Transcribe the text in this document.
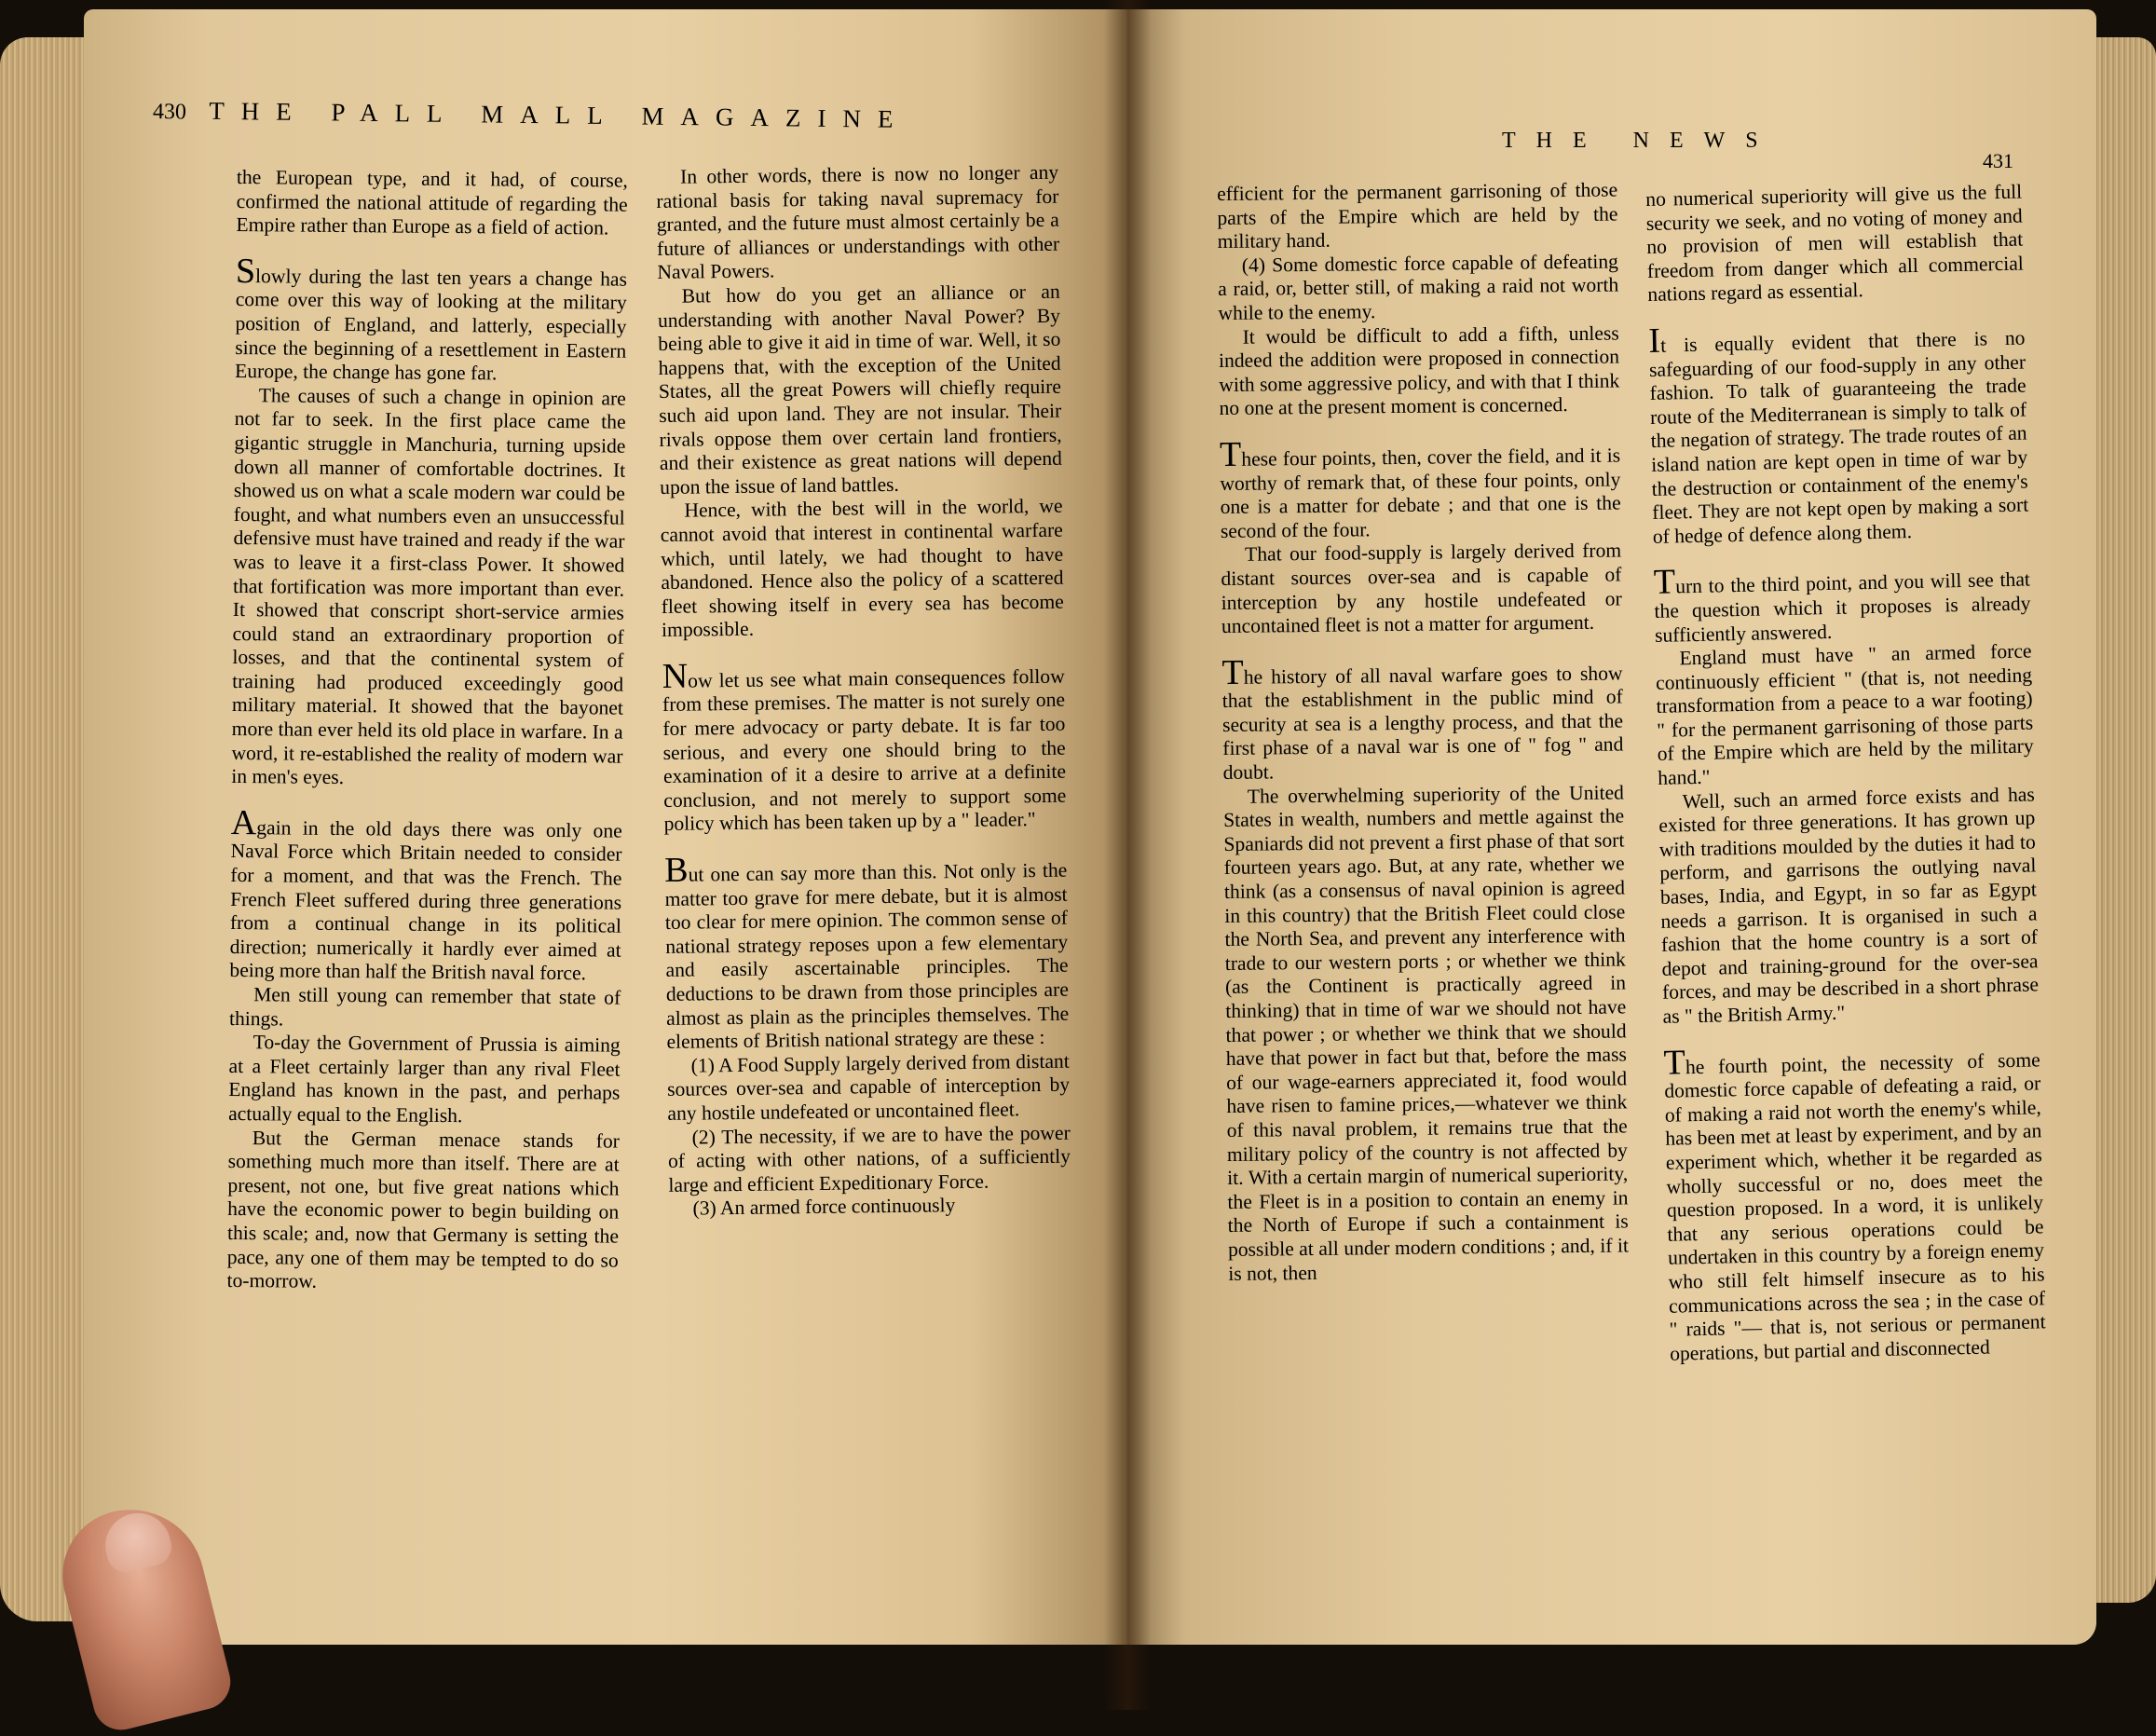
430 THE PALL MALL MAGAZINE
THE NEWS
431

the European type, and it had, of course, confirmed the national attitude of regarding the Empire rather than Europe as a field of action.

Slowly during the last ten years a change has come over this way of looking at the military position of England, and latterly, especially since the beginning of a resettlement in Eastern Europe, the change has gone far.

The causes of such a change in opinion are not far to seek. In the first place came the gigantic struggle in Manchuria, turning upside down all manner of comfortable doctrines. It showed us on what a scale modern war could be fought, and what numbers even an unsuccessful defensive must have trained and ready if the war was to leave it a first-class Power. It showed that fortification was more important than ever. It showed that conscript short-service armies could stand an extraordinary proportion of losses, and that the continental system of training had produced exceedingly good military material. It showed that the bayonet more than ever held its old place in warfare. In a word, it re-established the reality of modern war in men's eyes.

Again in the old days there was only one Naval Force which Britain needed to consider for a moment, and that was the French. The French Fleet suffered during three generations from a continual change in its political direction; numerically it hardly ever aimed at being more than half the British naval force.

Men still young can remember that state of things.

To-day the Government of Prussia is aiming at a Fleet certainly larger than any rival Fleet England has known in the past, and perhaps actually equal to the English.

But the German menace stands for something much more than itself. There are at present, not one, but five great nations which have the economic power to begin building on this scale; and, now that Germany is setting the pace, any one of them may be tempted to do so to-morrow.

In other words, there is now no longer any rational basis for taking naval supremacy for granted, and the future must almost certainly be a future of alliances or understandings with other Naval Powers.

But how do you get an alliance or an understanding with another Naval Power? By being able to give it aid in time of war. Well, it so happens that, with the exception of the United States, all the great Powers will chiefly require such aid upon land. They are not insular. Their rivals oppose them over certain land frontiers, and their existence as great nations will depend upon the issue of land battles.

Hence, with the best will in the world, we cannot avoid that interest in continental warfare which, until lately, we had thought to have abandoned. Hence also the policy of a scattered fleet showing itself in every sea has become impossible.

Now let us see what main consequences follow from these premises. The matter is not surely one for mere advocacy or party debate. It is far too serious, and every one should bring to the examination of it a desire to arrive at a definite conclusion, and not merely to support some policy which has been taken up by a " leader."

But one can say more than this. Not only is the matter too grave for mere debate, but it is almost too clear for mere opinion. The common sense of national strategy reposes upon a few elementary and easily ascertainable principles. The deductions to be drawn from those principles are almost as plain as the principles themselves. The elements of British national strategy are these :

(1) A Food Supply largely derived from distant sources over-sea and capable of interception by any hostile undefeated or uncontained fleet.

(2) The necessity, if we are to have the power of acting with other nations, of a sufficiently large and efficient Expeditionary Force.

(3) An armed force continuously

efficient for the permanent garrisoning of those parts of the Empire which are held by the military hand.

(4) Some domestic force capable of defeating a raid, or, better still, of making a raid not worth while to the enemy.

It would be difficult to add a fifth, unless indeed the addition were proposed in connection with some aggressive policy, and with that I think no one at the present moment is concerned.

These four points, then, cover the field, and it is worthy of remark that, of these four points, only one is a matter for debate ; and that one is the second of the four.

That our food-supply is largely derived from distant sources over-sea and is capable of interception by any hostile undefeated or uncontained fleet is not a matter for argument.

The history of all naval warfare goes to show that the establishment in the public mind of security at sea is a lengthy process, and that the first phase of a naval war is one of " fog " and doubt.

The overwhelming superiority of the United States in wealth, numbers and mettle against the Spaniards did not prevent a first phase of that sort fourteen years ago. But, at any rate, whether we think (as a consensus of naval opinion is agreed in this country) that the British Fleet could close the North Sea, and prevent any interference with trade to our western ports ; or whether we think (as the Continent is practically agreed in thinking) that in time of war we should not have that power ; or whether we think that we should have that power in fact but that, before the mass of our wage-earners appreciated it, food would have risen to famine prices,—whatever we think of this naval problem, it remains true that the military policy of the country is not affected by it. With a certain margin of numerical superiority, the Fleet is in a position to contain an enemy in the North of Europe if such a containment is possible at all under modern conditions ; and, if it is not, then

no numerical superiority will give us the full security we seek, and no voting of money and no provision of men will establish that freedom from danger which all commercial nations regard as essential.

It is equally evident that there is no safeguarding of our food-supply in any other fashion. To talk of guaranteeing the trade route of the Mediterranean is simply to talk of the negation of strategy. The trade routes of an island nation are kept open in time of war by the destruction or containment of the enemy's fleet. They are not kept open by making a sort of hedge of defence along them.

Turn to the third point, and you will see that the question which it proposes is already sufficiently answered.

England must have " an armed force continuously efficient " (that is, not needing transformation from a peace to a war footing) " for the permanent garrisoning of those parts of the Empire which are held by the military hand."

Well, such an armed force exists and has existed for three generations. It has grown up with traditions moulded by the duties it had to perform, and garrisons the outlying naval bases, India, and Egypt, in so far as Egypt needs a garrison. It is organised in such a fashion that the home country is a sort of depot and training-ground for the over-sea forces, and may be described in a short phrase as " the British Army."

The fourth point, the necessity of some domestic force capable of defeating a raid, or of making a raid not worth the enemy's while, has been met at least by experiment, and by an experiment which, whether it be regarded as wholly successful or no, does meet the question proposed. In a word, it is unlikely that any serious operations could be undertaken in this country by a foreign enemy who still felt himself insecure as to his communications across the sea ; in the case of " raids "— that is, not serious or permanent operations, but partial and disconnected
